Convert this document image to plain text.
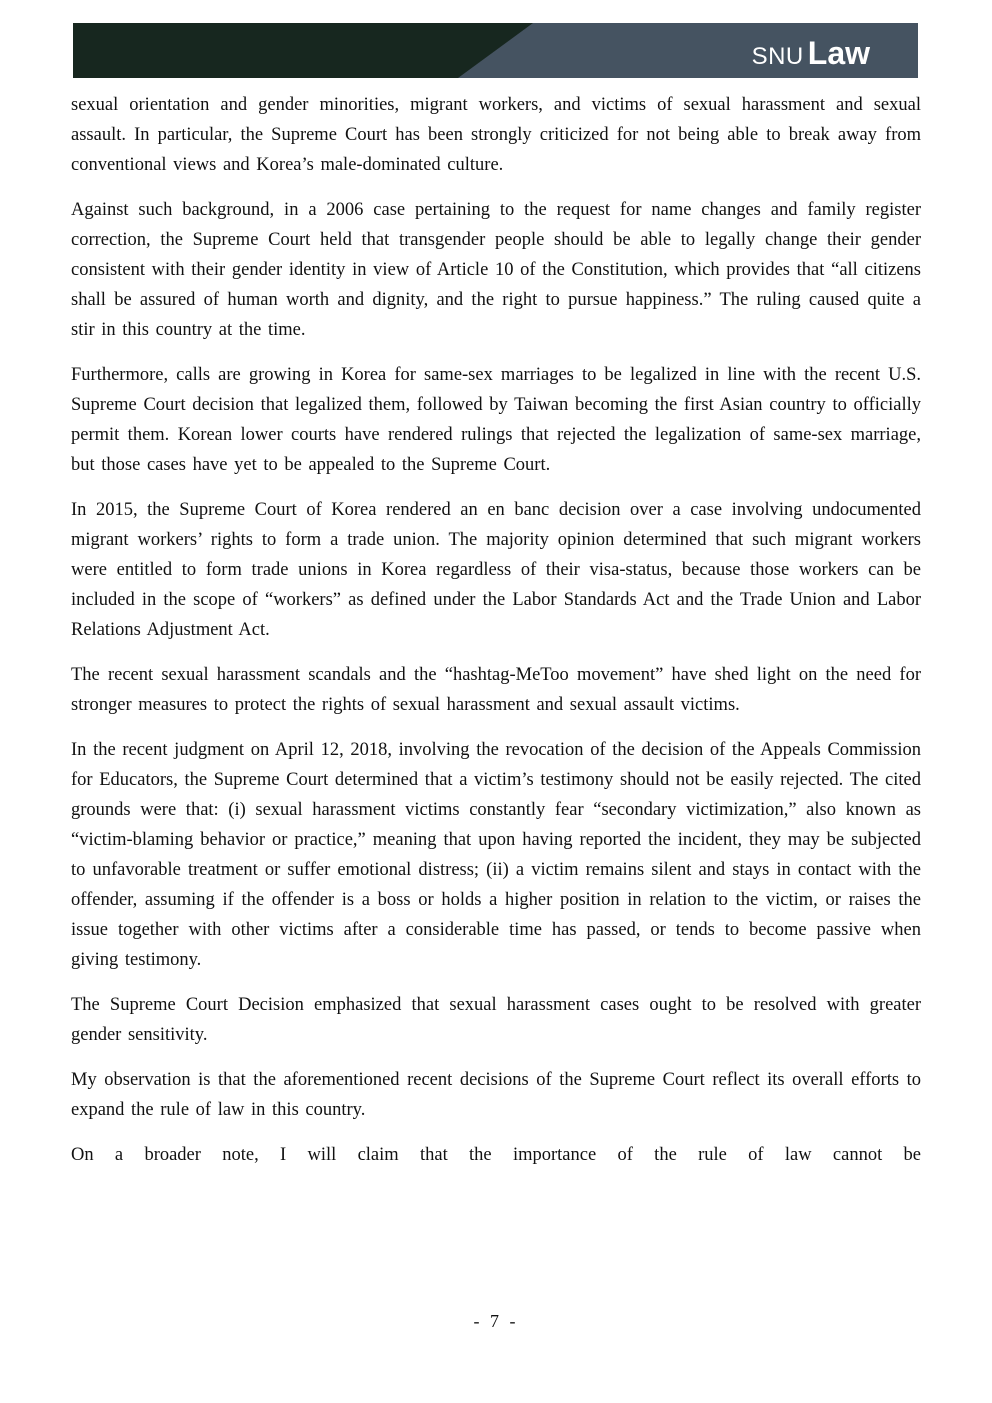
SNU Law

sexual orientation and gender minorities, migrant workers, and victims of sexual harassment and sexual assault. In particular, the Supreme Court has been strongly criticized for not being able to break away from conventional views and Korea’s male-dominated culture.

Against such background, in a 2006 case pertaining to the request for name changes and family register correction, the Supreme Court held that transgender people should be able to legally change their gender consistent with their gender identity in view of Article 10 of the Constitution, which provides that “all citizens shall be assured of human worth and dignity, and the right to pursue happiness.” The ruling caused quite a stir in this country at the time.

Furthermore, calls are growing in Korea for same-sex marriages to be legalized in line with the recent U.S. Supreme Court decision that legalized them, followed by Taiwan becoming the first Asian country to officially permit them. Korean lower courts have rendered rulings that rejected the legalization of same-sex marriage, but those cases have yet to be appealed to the Supreme Court.

In 2015, the Supreme Court of Korea rendered an en banc decision over a case involving undocumented migrant workers’ rights to form a trade union. The majority opinion determined that such migrant workers were entitled to form trade unions in Korea regardless of their visa-status, because those workers can be included in the scope of “workers” as defined under the Labor Standards Act and the Trade Union and Labor Relations Adjustment Act.

The recent sexual harassment scandals and the “hashtag-MeToo movement” have shed light on the need for stronger measures to protect the rights of sexual harassment and sexual assault victims.

In the recent judgment on April 12, 2018, involving the revocation of the decision of the Appeals Commission for Educators, the Supreme Court determined that a victim’s testimony should not be easily rejected. The cited grounds were that: (i) sexual harassment victims constantly fear “secondary victimization,” also known as “victim-blaming behavior or practice,” meaning that upon having reported the incident, they may be subjected to unfavorable treatment or suffer emotional distress; (ii) a victim remains silent and stays in contact with the offender, assuming if the offender is a boss or holds a higher position in relation to the victim, or raises the issue together with other victims after a considerable time has passed, or tends to become passive when giving testimony.

The Supreme Court Decision emphasized that sexual harassment cases ought to be resolved with greater gender sensitivity.

My observation is that the aforementioned recent decisions of the Supreme Court reflect its overall efforts to expand the rule of law in this country.

On a broader note, I will claim that the importance of the rule of law cannot be

- 7 -
